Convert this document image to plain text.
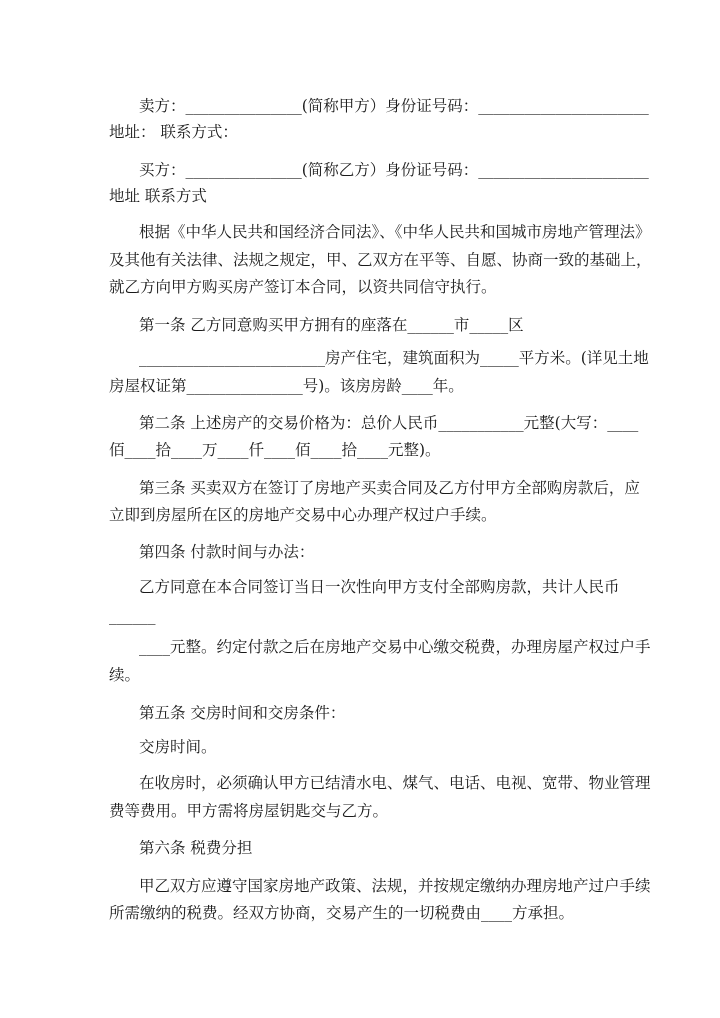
卖方：_______________(简称甲方）身份证号码：______________________
地址： 联系方式：
买方：_______________(简称乙方）身份证号码：______________________
地址 联系方式
根据《中华人民共和国经济合同法》、《中华人民共和国城市房地产管理法》
及其他有关法律、法规之规定，甲、乙双方在平等、自愿、协商一致的基础上，
就乙方向甲方购买房产签订本合同，以资共同信守执行。
第一条 乙方同意购买甲方拥有的座落在______市_____区
________________________房产住宅，建筑面积为_____平方米。(详见土地
房屋权证第_______________号)。该房房龄____年。
第二条 上述房产的交易价格为：总价人民币___________元整(大写：____
佰____拾____万____仟____佰____拾____元整)。
第三条 买卖双方在签订了房地产买卖合同及乙方付甲方全部购房款后，应
立即到房屋所在区的房地产交易中心办理产权过户手续。
第四条 付款时间与办法：
乙方同意在本合同签订当日一次性向甲方支付全部购房款，共计人民币
______
____元整。约定付款之后在房地产交易中心缴交税费，办理房屋产权过户手
续。
第五条 交房时间和交房条件：
交房时间。
在收房时，必须确认甲方已结清水电、煤气、电话、电视、宽带、物业管理
费等费用。甲方需将房屋钥匙交与乙方。
第六条 税费分担
甲乙双方应遵守国家房地产政策、法规，并按规定缴纳办理房地产过户手续
所需缴纳的税费。经双方协商，交易产生的一切税费由____方承担。
